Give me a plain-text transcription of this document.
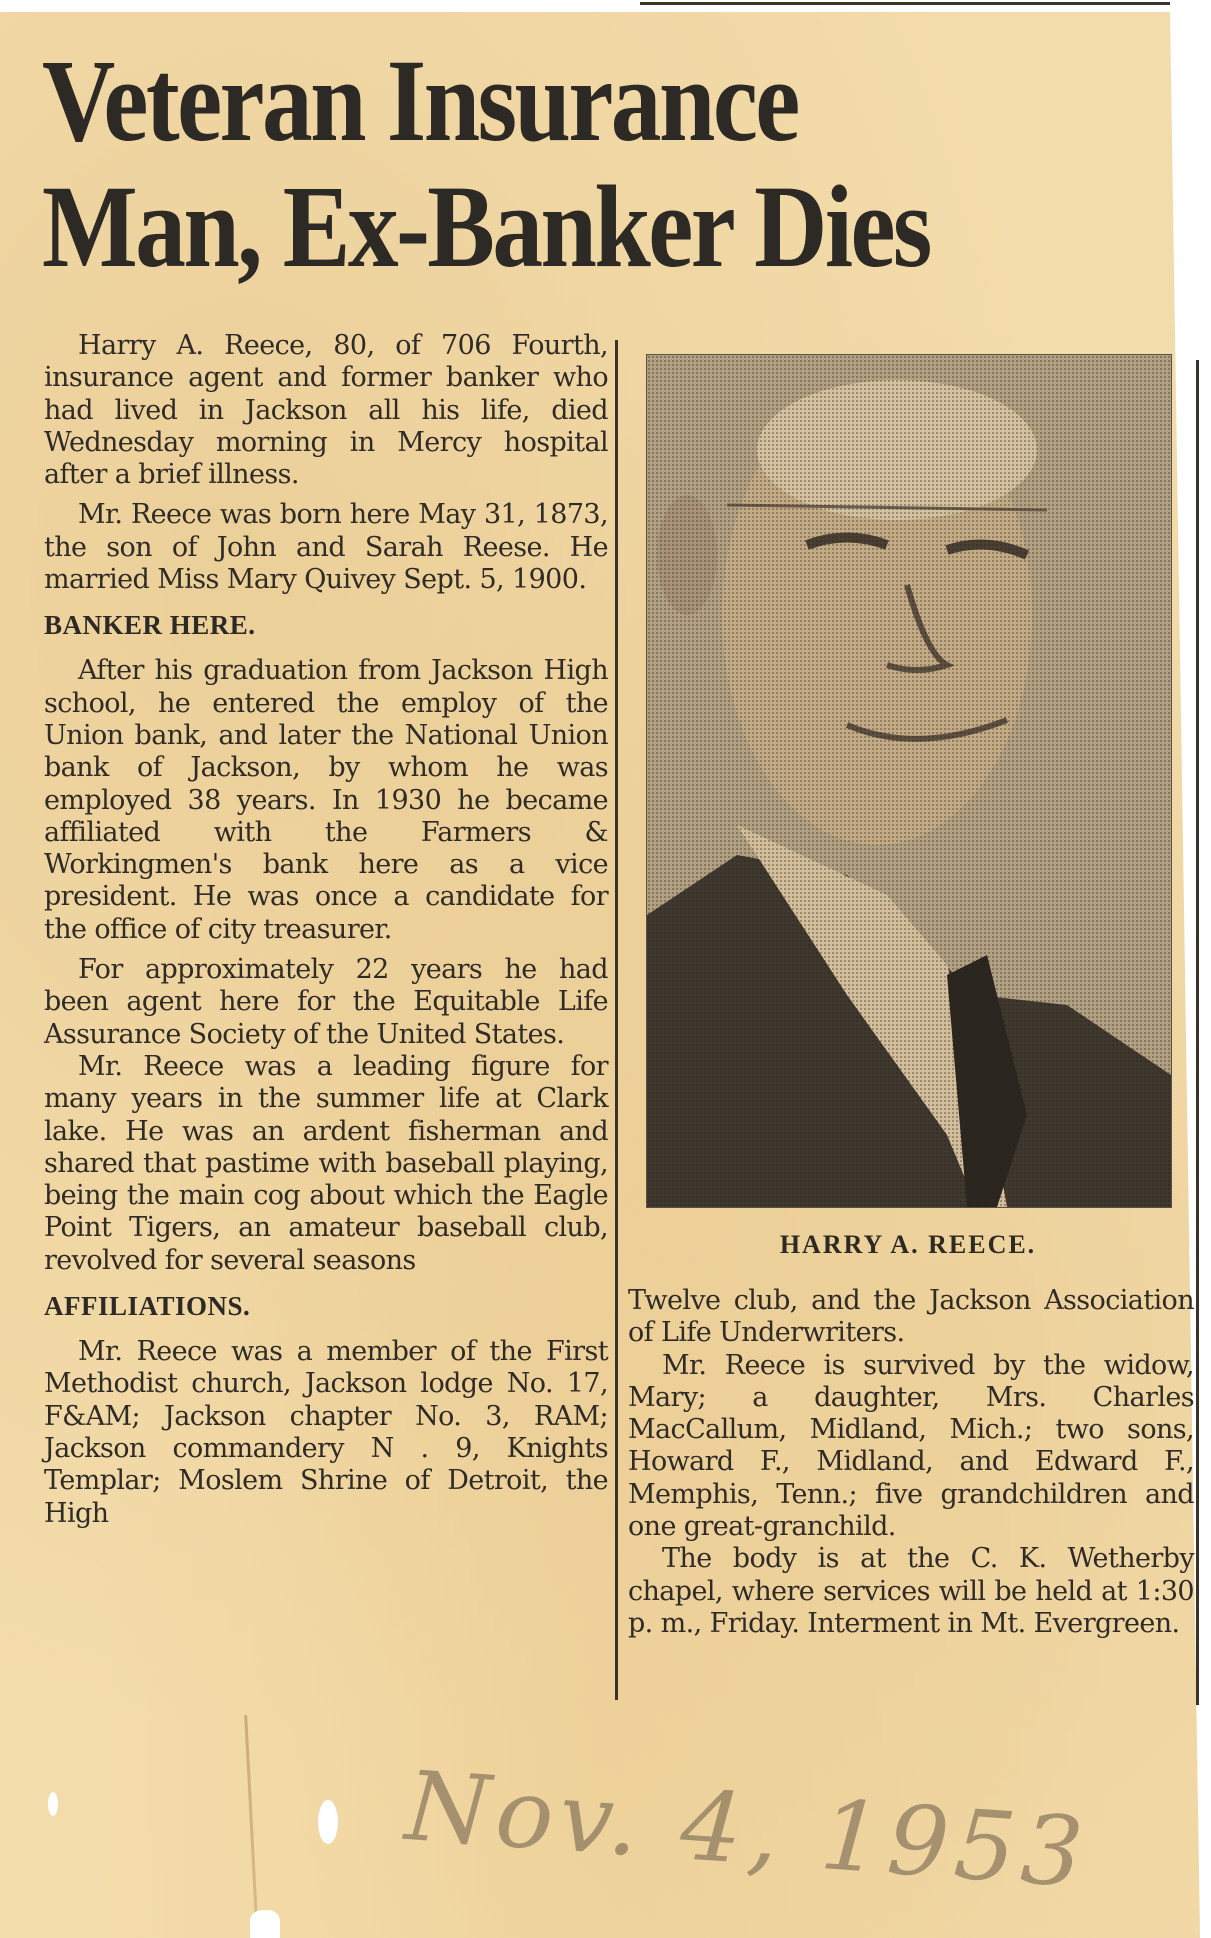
Veteran Insurance
Man, Ex-Banker Dies

Harry A. Reece, 80, of 706 Fourth, insurance agent and former banker who had lived in Jackson all his life, died Wednesday morning in Mercy hospital after a brief illness.

Mr. Reece was born here May 31, 1873, the son of John and Sarah Reese. He married Miss Mary Quivey Sept. 5, 1900.

BANKER HERE.

After his graduation from Jackson High school, he entered the employ of the Union bank, and later the National Union bank of Jackson, by whom he was employed 38 years. In 1930 he became affiliated with the Farmers & Workingmen's bank here as a vice president. He was once a candidate for the office of city treasurer.

For approximately 22 years he had been agent here for the Equitable Life Assurance Society of the United States.

Mr. Reece was a leading figure for many years in the summer life at Clark lake. He was an ardent fisherman and shared that pastime with baseball playing, being the main cog about which the Eagle Point Tigers, an amateur baseball club, revolved for several seasons

AFFILIATIONS.

Mr. Reece was a member of the First Methodist church, Jackson lodge No. 17, F&AM; Jackson chapter No. 3, RAM; Jackson commandery N . 9, Knights Templar; Moslem Shrine of Detroit, the High

HARRY A. REECE.

Twelve club, and the Jackson Association of Life Underwriters.

Mr. Reece is survived by the widow, Mary; a daughter, Mrs. Charles MacCallum, Midland, Mich.; two sons, Howard F., Midland, and Edward F., Memphis, Tenn.; five grandchildren and one great-granchild.

The body is at the C. K. Wetherby chapel, where services will be held at 1:30 p. m., Friday. Interment in Mt. Evergreen.

Nov. 4, 1953
